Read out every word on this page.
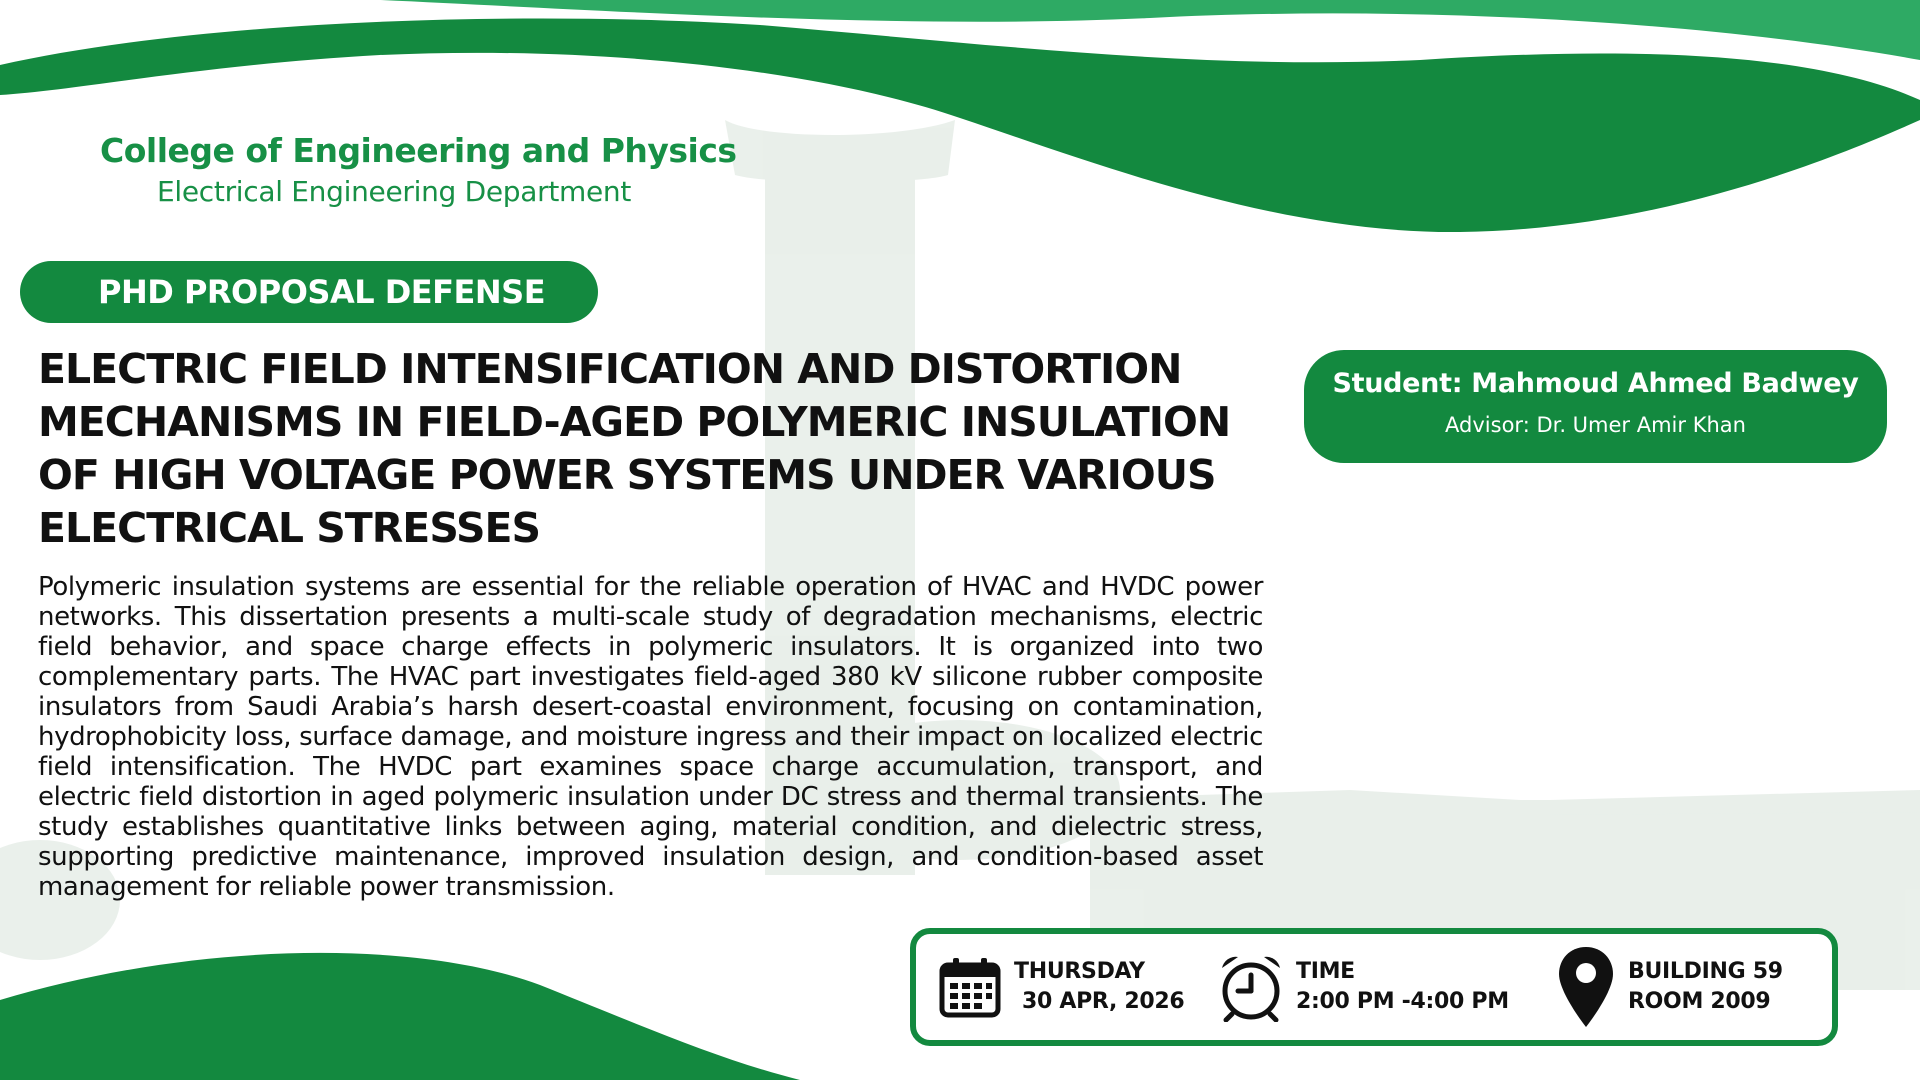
College of Engineering and Physics
Electrical Engineering Department
PHD PROPOSAL DEFENSE
ELECTRIC FIELD INTENSIFICATION AND DISTORTION MECHANISMS IN FIELD-AGED POLYMERIC INSULATION OF HIGH VOLTAGE POWER SYSTEMS UNDER VARIOUS ELECTRICAL STRESSES
Polymeric insulation systems are essential for the reliable operation of HVAC and HVDC power networks. This dissertation presents a multi-scale study of degradation mechanisms, electric field behavior, and space charge effects in polymeric insulators. It is organized into two complementary parts. The HVAC part investigates field-aged 380 kV silicone rubber composite insulators from Saudi Arabia’s harsh desert-coastal environment, focusing on contamination, hydrophobicity loss, surface damage, and moisture ingress and their impact on localized electric field intensification. The HVDC part examines space charge accumulation, transport, and electric field distortion in aged polymeric insulation under DC stress and thermal transients. The study establishes quantitative links between aging, material condition, and dielectric stress, supporting predictive maintenance, improved insulation design, and condition-based asset management for reliable power transmission.
Student: Mahmoud Ahmed Badwey
Advisor: Dr. Umer Amir Khan
THURSDAY
30 APR, 2026
TIME
2:00 PM -4:00 PM
BUILDING 59
ROOM 2009
